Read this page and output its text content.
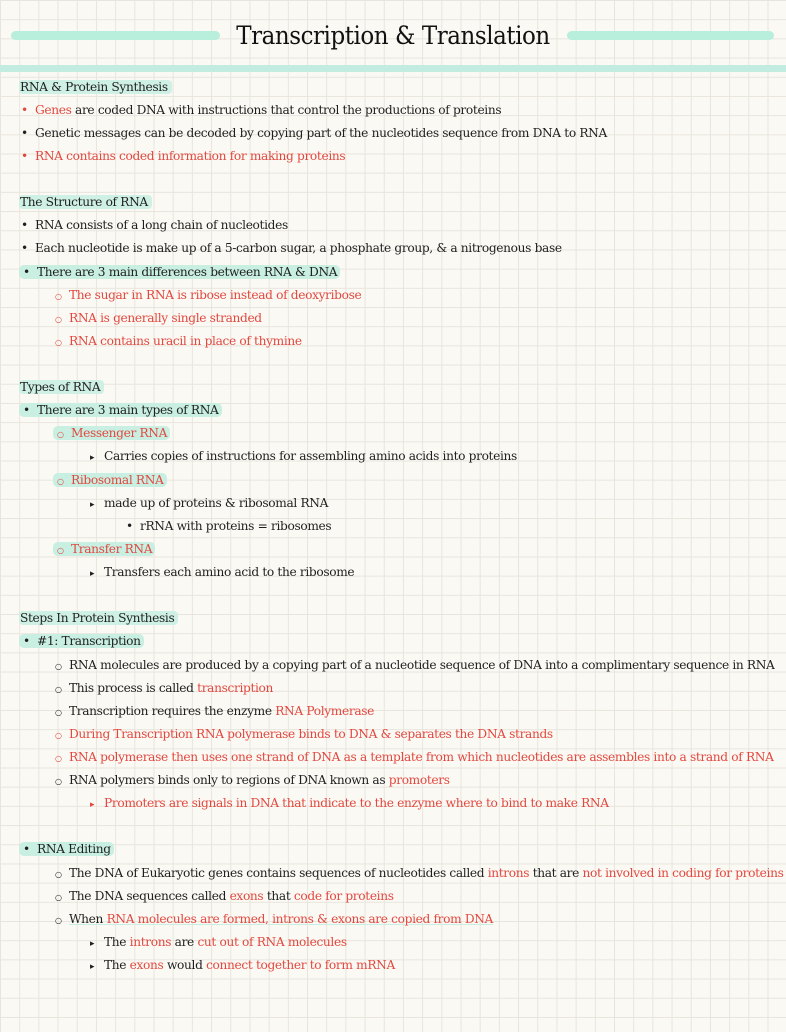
Transcription & Translation
RNA & Protein Synthesis
• Genes are coded DNA with instructions that control the productions of proteins
• Genetic messages can be decoded by copying part of the nucleotides sequence from DNA to RNA
• RNA contains coded information for making proteins
The Structure of RNA
• RNA consists of a long chain of nucleotides
• Each nucleotide is make up of a 5-carbon sugar, a phosphate group, & a nitrogenous base
• There are 3 main differences between RNA & DNA
○ The sugar in RNA is ribose instead of deoxyribose
○ RNA is generally single stranded
○ RNA contains uracil in place of thymine
Types of RNA
• There are 3 main types of RNA
○ Messenger RNA
▸ Carries copies of instructions for assembling amino acids into proteins
○ Ribosomal RNA
▸ made up of proteins & ribosomal RNA
• rRNA with proteins = ribosomes
○ Transfer RNA
▸ Transfers each amino acid to the ribosome
Steps In Protein Synthesis
• #1: Transcription
○ RNA molecules are produced by a copying part of a nucleotide sequence of DNA into a complimentary sequence in RNA
○ This process is called transcription
○ Transcription requires the enzyme RNA Polymerase
○ During Transcription RNA polymerase binds to DNA & separates the DNA strands
○ RNA polymerase then uses one strand of DNA as a template from which nucleotides are assembles into a strand of RNA
○ RNA polymers binds only to regions of DNA known as promoters
▸ Promoters are signals in DNA that indicate to the enzyme where to bind to make RNA
• RNA Editing
○ The DNA of Eukaryotic genes contains sequences of nucleotides called introns that are not involved in coding for proteins
○ The DNA sequences called exons that code for proteins
○ When RNA molecules are formed, introns & exons are copied from DNA
▸ The introns are cut out of RNA molecules
▸ The exons would connect together to form mRNA
